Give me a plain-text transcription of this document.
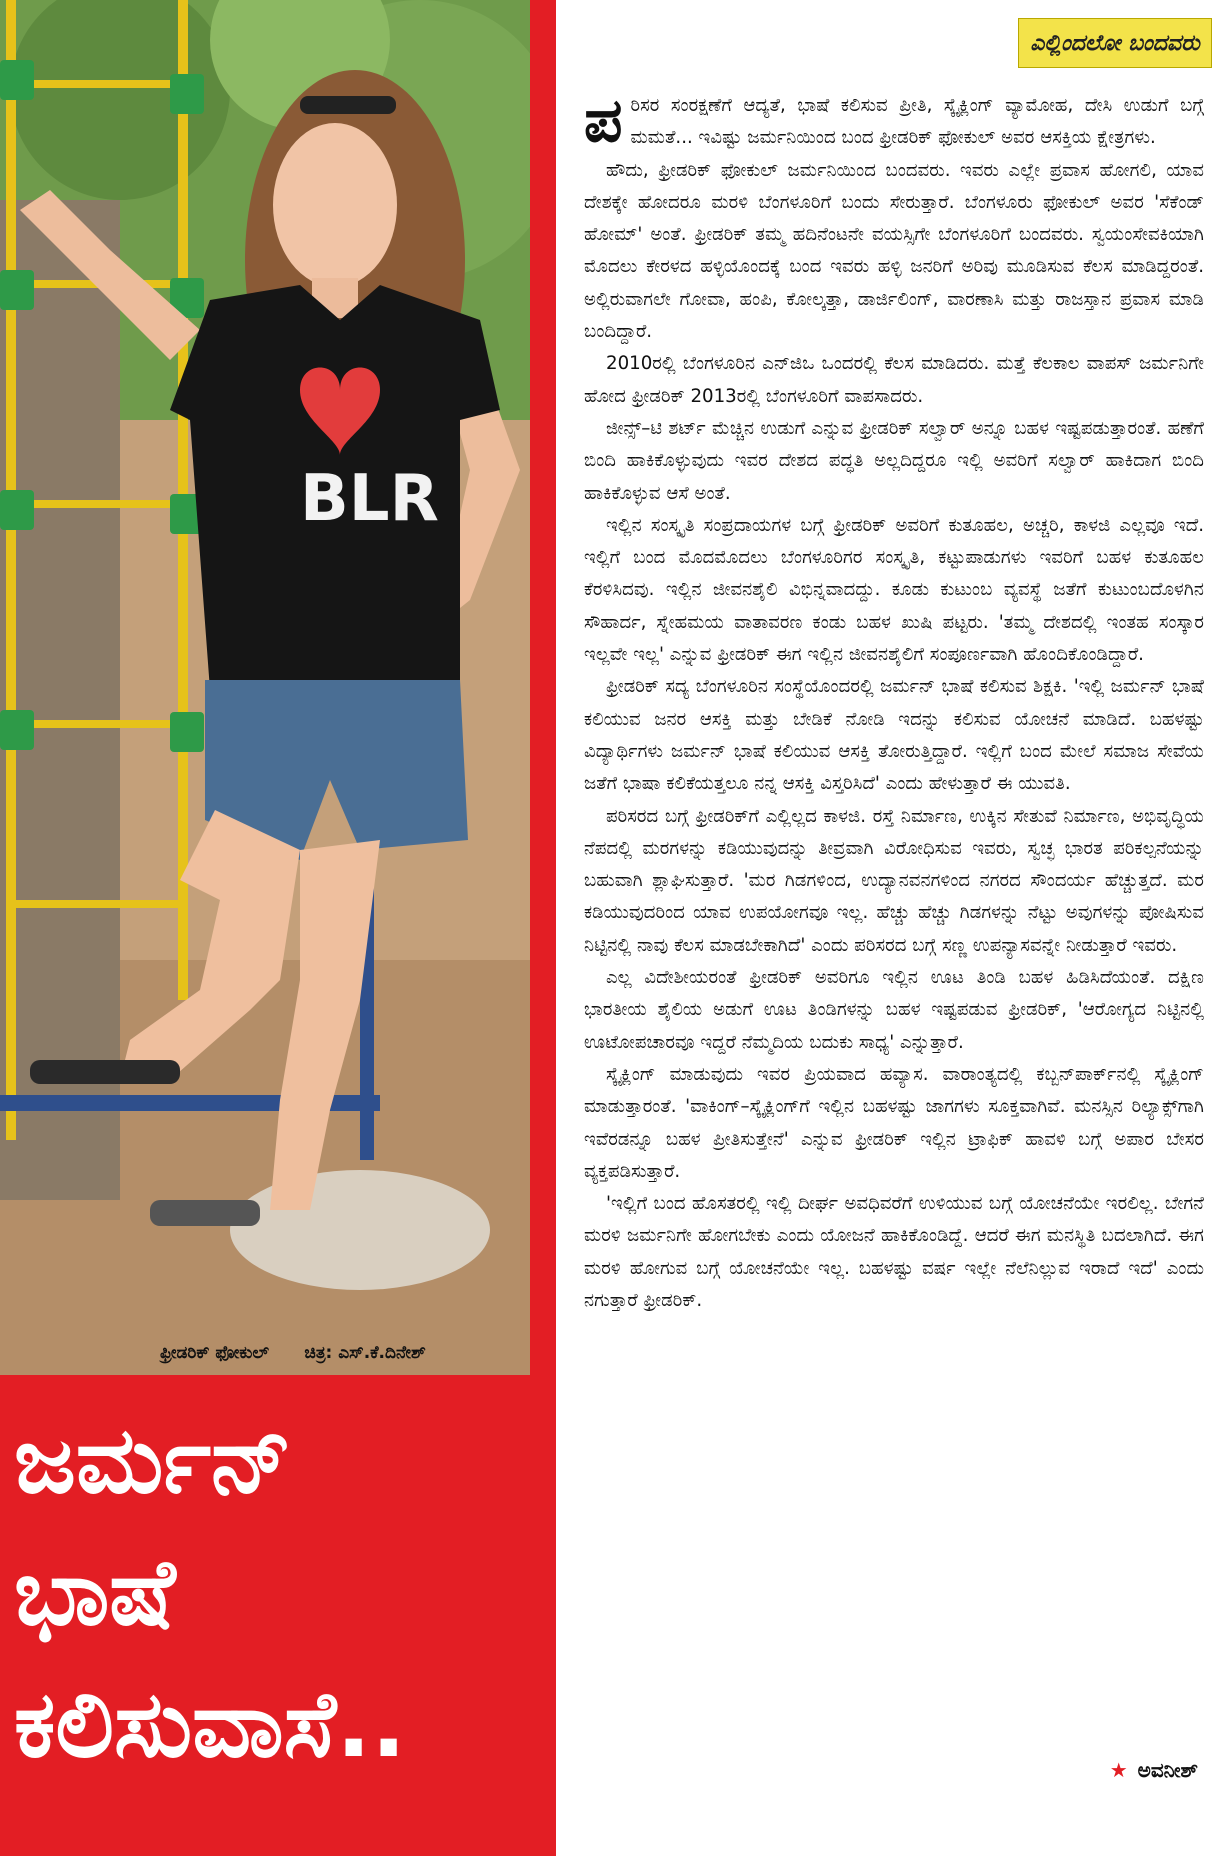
BLR
ಫ್ರೀಡರಿಕ್ ಫೋಕುಲ್ ಚಿತ್ರ: ಎಸ್.ಕೆ.ದಿನೇಶ್
ಜರ್ಮನ್
ಭಾಷೆ
ಕಲಿಸುವಾಸೆ..
ಎಲ್ಲಿಂದಲೋ ಬಂದವರು

ಪರಿಸರ ಸಂರಕ್ಷಣೆಗೆ ಆದ್ಯತೆ, ಭಾಷೆ ಕಲಿಸುವ ಪ್ರೀತಿ, ಸ್ಕೈಕ್ಲಿಂಗ್ ವ್ಯಾಮೋಹ, ದೇಸಿ ಉಡುಗೆ ಬಗ್ಗೆ ಮಮತೆ... ಇವಿಷ್ಟು ಜರ್ಮನಿಯಿಂದ ಬಂದ ಫ್ರೀಡರಿಕ್ ಫೋಕುಲ್ ಅವರ ಆಸಕ್ತಿಯ ಕ್ಷೇತ್ರಗಳು.

ಹೌದು, ಫ್ರೀಡರಿಕ್ ಫೋಕುಲ್ ಜರ್ಮನಿಯಿಂದ ಬಂದವರು. ಇವರು ಎಲ್ಲೇ ಪ್ರವಾಸ ಹೋಗಲಿ, ಯಾವ ದೇಶಕ್ಕೇ ಹೋದರೂ ಮರಳಿ ಬೆಂಗಳೂರಿಗೆ ಬಂದು ಸೇರುತ್ತಾರೆ. ಬೆಂಗಳೂರು ಫೋಕುಲ್ ಅವರ 'ಸೆಕೆಂಡ್ ಹೋಮ್' ಅಂತೆ. ಫ್ರೀಡರಿಕ್ ತಮ್ಮ ಹದಿನೆಂಟನೇ ವಯಸ್ಸಿಗೇ ಬೆಂಗಳೂರಿಗೆ ಬಂದವರು. ಸ್ವಯಂಸೇವಕಿಯಾಗಿ ಮೊದಲು ಕೇರಳದ ಹಳ್ಳಿಯೊಂದಕ್ಕೆ ಬಂದ ಇವರು ಹಳ್ಳಿ ಜನರಿಗೆ ಅರಿವು ಮೂಡಿಸುವ ಕೆಲಸ ಮಾಡಿದ್ದರಂತೆ. ಅಲ್ಲಿರುವಾಗಲೇ ಗೋವಾ, ಹಂಪಿ, ಕೋಲ್ಕತ್ತಾ, ಡಾರ್ಜಿಲಿಂಗ್, ವಾರಣಾಸಿ ಮತ್ತು ರಾಜಸ್ತಾನ ಪ್ರವಾಸ ಮಾಡಿ ಬಂದಿದ್ದಾರೆ.

2010ರಲ್ಲಿ ಬೆಂಗಳೂರಿನ ಎನ್‌ಜಿಒ ಒಂದರಲ್ಲಿ ಕೆಲಸ ಮಾಡಿದರು. ಮತ್ತೆ ಕೆಲಕಾಲ ವಾಪಸ್ ಜರ್ಮನಿಗೇ ಹೋದ ಫ್ರೀಡರಿಕ್ 2013ರಲ್ಲಿ ಬೆಂಗಳೂರಿಗೆ ವಾಪಸಾದರು.

ಜೀನ್ಸ್–ಟಿ ಶರ್ಟ್ ಮೆಚ್ಚಿನ ಉಡುಗೆ ಎನ್ನುವ ಫ್ರೀಡರಿಕ್ ಸಲ್ವಾರ್ ಅನ್ನೂ ಬಹಳ ಇಷ್ಟಪಡುತ್ತಾರಂತೆ. ಹಣೆಗೆ ಬಿಂದಿ ಹಾಕಿಕೊಳ್ಳುವುದು ಇವರ ದೇಶದ ಪದ್ಧತಿ ಅಲ್ಲದಿದ್ದರೂ ಇಲ್ಲಿ ಅವರಿಗೆ ಸಲ್ವಾರ್ ಹಾಕಿದಾಗ ಬಿಂದಿ ಹಾಕಿಕೊಳ್ಳುವ ಆಸೆ ಅಂತೆ.

ಇಲ್ಲಿನ ಸಂಸ್ಕೃತಿ ಸಂಪ್ರದಾಯಗಳ ಬಗ್ಗೆ ಫ್ರೀಡರಿಕ್ ಅವರಿಗೆ ಕುತೂಹಲ, ಅಚ್ಚರಿ, ಕಾಳಜಿ ಎಲ್ಲವೂ ಇದೆ. ಇಲ್ಲಿಗೆ ಬಂದ ಮೊದಮೊದಲು ಬೆಂಗಳೂರಿಗರ ಸಂಸ್ಕೃತಿ, ಕಟ್ಟುಪಾಡುಗಳು ಇವರಿಗೆ ಬಹಳ ಕುತೂಹಲ ಕೆರಳಿಸಿದವು. ಇಲ್ಲಿನ ಜೀವನಶೈಲಿ ವಿಭಿನ್ನವಾದದ್ದು. ಕೂಡು ಕುಟುಂಬ ವ್ಯವಸ್ಥೆ ಜತೆಗೆ ಕುಟುಂಬದೊಳಗಿನ ಸೌಹಾರ್ದ, ಸ್ನೇಹಮಯ ವಾತಾವರಣ ಕಂಡು ಬಹಳ ಖುಷಿ ಪಟ್ಟರು. 'ತಮ್ಮ ದೇಶದಲ್ಲಿ ಇಂತಹ ಸಂಸ್ಕಾರ ಇಲ್ಲವೇ ಇಲ್ಲ' ಎನ್ನುವ ಫ್ರೀಡರಿಕ್ ಈಗ ಇಲ್ಲಿನ ಜೀವನಶೈಲಿಗೆ ಸಂಪೂರ್ಣವಾಗಿ ಹೊಂದಿಕೊಂಡಿದ್ದಾರೆ.

ಫ್ರೀಡರಿಕ್ ಸದ್ಯ ಬೆಂಗಳೂರಿನ ಸಂಸ್ಥೆಯೊಂದರಲ್ಲಿ ಜರ್ಮನ್ ಭಾಷೆ ಕಲಿಸುವ ಶಿಕ್ಷಕಿ. 'ಇಲ್ಲಿ ಜರ್ಮನ್ ಭಾಷೆ ಕಲಿಯುವ ಜನರ ಆಸಕ್ತಿ ಮತ್ತು ಬೇಡಿಕೆ ನೋಡಿ ಇದನ್ನು ಕಲಿಸುವ ಯೋಚನೆ ಮಾಡಿದೆ. ಬಹಳಷ್ಟು ವಿದ್ಯಾರ್ಥಿಗಳು ಜರ್ಮನ್ ಭಾಷೆ ಕಲಿಯುವ ಆಸಕ್ತಿ ತೋರುತ್ತಿದ್ದಾರೆ. ಇಲ್ಲಿಗೆ ಬಂದ ಮೇಲೆ ಸಮಾಜ ಸೇವೆಯ ಜತೆಗೆ ಭಾಷಾ ಕಲಿಕೆಯತ್ತಲೂ ನನ್ನ ಆಸಕ್ತಿ ವಿಸ್ತರಿಸಿದೆ' ಎಂದು ಹೇಳುತ್ತಾರೆ ಈ ಯುವತಿ.

ಪರಿಸರದ ಬಗ್ಗೆ ಫ್ರೀಡರಿಕ್‌ಗೆ ಎಲ್ಲಿಲ್ಲದ ಕಾಳಜಿ. ರಸ್ತೆ ನಿರ್ಮಾಣ, ಉಕ್ಕಿನ ಸೇತುವೆ ನಿರ್ಮಾಣ, ಅಭಿವೃದ್ಧಿಯ ನೆಪದಲ್ಲಿ ಮರಗಳನ್ನು ಕಡಿಯುವುದನ್ನು ತೀವ್ರವಾಗಿ ವಿರೋಧಿಸುವ ಇವರು, ಸ್ವಚ್ಛ ಭಾರತ ಪರಿಕಲ್ಪನೆಯನ್ನು ಬಹುವಾಗಿ ಶ್ಲಾಘಿಸುತ್ತಾರೆ. 'ಮರ ಗಿಡಗಳಿಂದ, ಉದ್ಯಾನವನಗಳಿಂದ ನಗರದ ಸೌಂದರ್ಯ ಹೆಚ್ಚುತ್ತದೆ. ಮರ ಕಡಿಯುವುದರಿಂದ ಯಾವ ಉಪಯೋಗವೂ ಇಲ್ಲ. ಹೆಚ್ಚು ಹೆಚ್ಚು ಗಿಡಗಳನ್ನು ನೆಟ್ಟು ಅವುಗಳನ್ನು ಪೋಷಿಸುವ ನಿಟ್ಟಿನಲ್ಲಿ ನಾವು ಕೆಲಸ ಮಾಡಬೇಕಾಗಿದೆ' ಎಂದು ಪರಿಸರದ ಬಗ್ಗೆ ಸಣ್ಣ ಉಪನ್ಯಾಸವನ್ನೇ ನೀಡುತ್ತಾರೆ ಇವರು.

ಎಲ್ಲ ವಿದೇಶೀಯರಂತೆ ಫ್ರೀಡರಿಕ್ ಅವರಿಗೂ ಇಲ್ಲಿನ ಊಟ ತಿಂಡಿ ಬಹಳ ಹಿಡಿಸಿದೆಯಂತೆ. ದಕ್ಷಿಣ ಭಾರತೀಯ ಶೈಲಿಯ ಅಡುಗೆ ಊಟ ತಿಂಡಿಗಳನ್ನು ಬಹಳ ಇಷ್ಟಪಡುವ ಫ್ರೀಡರಿಕ್, 'ಆರೋಗ್ಯದ ನಿಟ್ಟಿನಲ್ಲಿ ಊಟೋಪಚಾರವೂ ಇದ್ದರೆ ನೆಮ್ಮದಿಯ ಬದುಕು ಸಾಧ್ಯ' ಎನ್ನುತ್ತಾರೆ.

ಸ್ಕೈಕ್ಲಿಂಗ್ ಮಾಡುವುದು ಇವರ ಪ್ರಿಯವಾದ ಹವ್ಯಾಸ. ವಾರಾಂತ್ಯದಲ್ಲಿ ಕಬ್ಬನ್‌ಪಾರ್ಕ್‌ನಲ್ಲಿ ಸ್ಕೈಕ್ಲಿಂಗ್ ಮಾಡುತ್ತಾರಂತೆ. 'ವಾಕಿಂಗ್–ಸ್ಕೈಕ್ಲಿಂಗ್‌ಗೆ ಇಲ್ಲಿನ ಬಹಳಷ್ಟು ಜಾಗಗಳು ಸೂಕ್ತವಾಗಿವೆ. ಮನಸ್ಸಿನ ರಿಲ್ಯಾಕ್ಸ್‌ಗಾಗಿ ಇವೆರಡನ್ನೂ ಬಹಳ ಪ್ರೀತಿಸುತ್ತೇನೆ' ಎನ್ನುವ ಫ್ರೀಡರಿಕ್ ಇಲ್ಲಿನ ಟ್ರಾಫಿಕ್ ಹಾವಳಿ ಬಗ್ಗೆ ಅಪಾರ ಬೇಸರ ವ್ಯಕ್ತಪಡಿಸುತ್ತಾರೆ.

'ಇಲ್ಲಿಗೆ ಬಂದ ಹೊಸತರಲ್ಲಿ ಇಲ್ಲಿ ದೀರ್ಘ ಅವಧಿವರೆಗೆ ಉಳಿಯುವ ಬಗ್ಗೆ ಯೋಚನೆಯೇ ಇರಲಿಲ್ಲ. ಬೇಗನೆ ಮರಳಿ ಜರ್ಮನಿಗೇ ಹೋಗಬೇಕು ಎಂದು ಯೋಜನೆ ಹಾಕಿಕೊಂಡಿದ್ದೆ. ಆದರೆ ಈಗ ಮನಸ್ಥಿತಿ ಬದಲಾಗಿದೆ. ಈಗ ಮರಳಿ ಹೋಗುವ ಬಗ್ಗೆ ಯೋಚನೆಯೇ ಇಲ್ಲ. ಬಹಳಷ್ಟು ವರ್ಷ ಇಲ್ಲೇ ನೆಲೆನಿಲ್ಲುವ ಇರಾದೆ ಇದೆ' ಎಂದು ನಗುತ್ತಾರೆ ಫ್ರೀಡರಿಕ್.

★ ಅವನೀಶ್
